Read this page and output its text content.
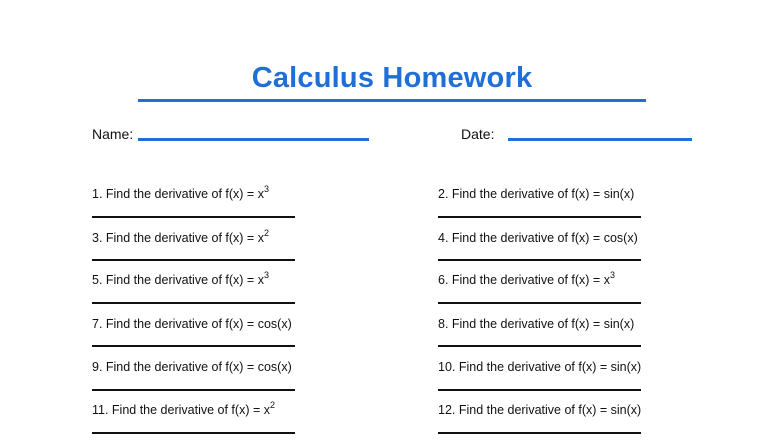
Calculus Homework
Name:	Date:
1. Find the derivative of $f(x) = x^3$	2. Find the derivative of f(x) = sin(x)
3. Find the derivative of $f(x) = x^2$	4. Find the derivative of f(x) = cos(x)
5. Find the derivative of $f(x) = x^3$	6. Find the derivative of $f(x) = x^3$
7. Find the derivative of f(x) = cos(x)	8. Find the derivative of f(x) = sin(x)
9. Find the derivative of f(x) = cos(x)	10. Find the derivative of f(x) = sin(x)
11. Find the derivative of $f(x) = x^2$	12. Find the derivative of f(x) = sin(x)
